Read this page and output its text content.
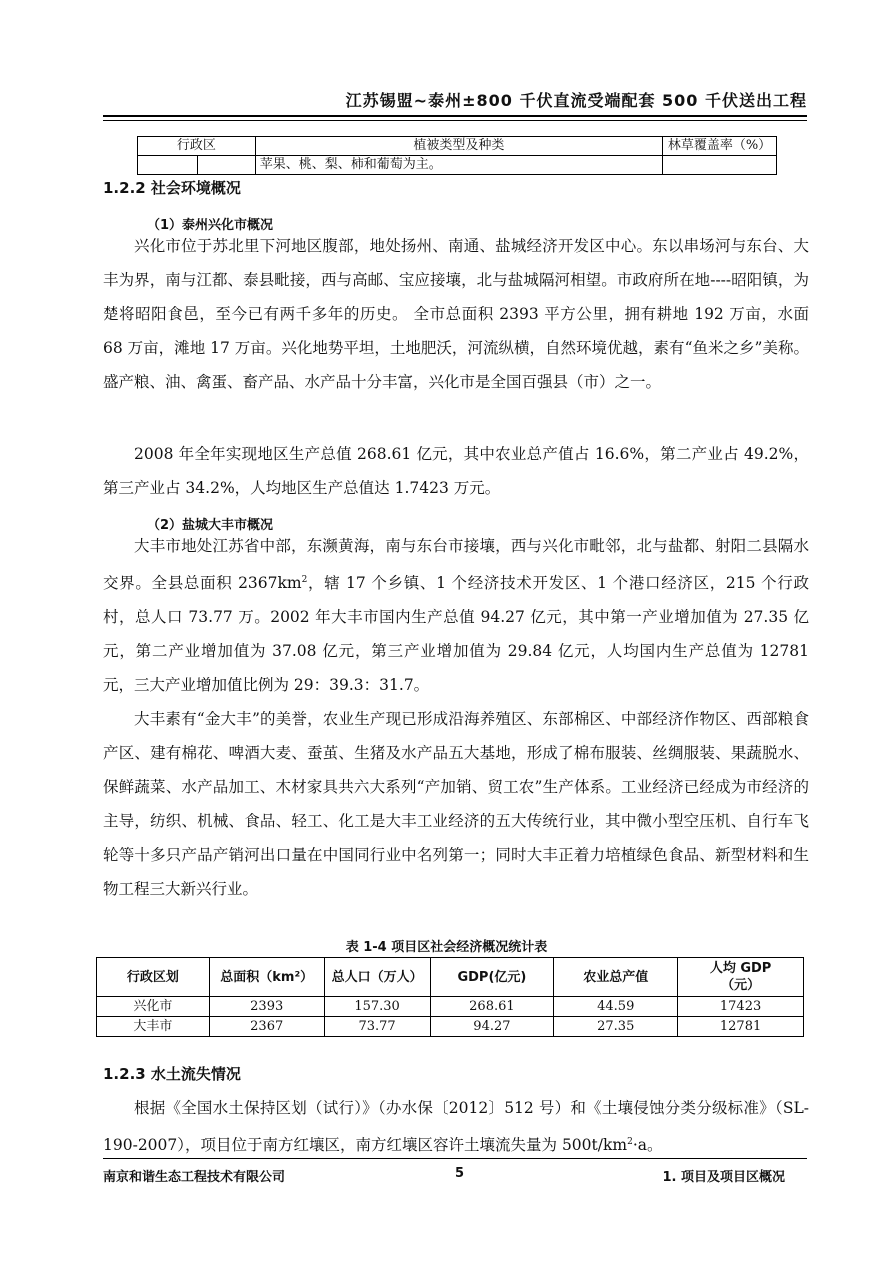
江苏锡盟~泰州±800 千伏直流受端配套 500 千伏送出工程
行政区		植被类型及种类	林草覆盖率（%）
		苹果、桃、梨、柿和葡萄为主。	
1.2.2 社会环境概况
（1）泰州兴化市概况

兴化市位于苏北里下河地区腹部，地处扬州、南通、盐城经济开发区中心。东以串场河与东台、大丰为界，南与江都、泰县毗接，西与高邮、宝应接壤，北与盐城隔河相望。市政府所在地----昭阳镇，为楚将昭阳食邑，至今已有两千多年的历史。 全市总面积 2393 平方公里，拥有耕地 192 万亩，水面 68 万亩，滩地 17 万亩。兴化地势平坦，土地肥沃，河流纵横，自然环境优越，素有“鱼米之乡”美称。盛产粮、油、禽蛋、畜产品、水产品十分丰富，兴化市是全国百强县（市）之一。

2008 年全年实现地区生产总值 268.61 亿元，其中农业总产值占 16.6%，第二产业占 49.2%，第三产业占 34.2%，人均地区生产总值达 1.7423 万元。

（2）盐城大丰市概况

大丰市地处江苏省中部，东濒黄海，南与东台市接壤，西与兴化市毗邻，北与盐都、射阳二县隔水交界。全县总面积 $2367km^2$，辖 17 个乡镇、1 个经济技术开发区、1 个港口经济区，215 个行政村，总人口 73.77 万。2002 年大丰市国内生产总值 94.27 亿元，其中第一产业增加值为 27.35 亿元，第二产业增加值为 37.08 亿元，第三产业增加值为 29.84 亿元，人均国内生产总值为 12781 元，三大产业增加值比例为 29：39.3：31.7。

大丰素有“金大丰”的美誉，农业生产现已形成沿海养殖区、东部棉区、中部经济作物区、西部粮食产区、建有棉花、啤酒大麦、蚕茧、生猪及水产品五大基地，形成了棉布服装、丝绸服装、果蔬脱水、保鲜蔬菜、水产品加工、木材家具共六大系列“产加销、贸工农”生产体系。工业经济已经成为市经济的主导，纺织、机械、食品、轻工、化工是大丰工业经济的五大传统行业，其中微小型空压机、自行车飞轮等十多只产品产销河出口量在中国同行业中名列第一；同时大丰正着力培植绿色食品、新型材料和生物工程三大新兴行业。

表 1-4 项目区社会经济概况统计表
行政区划	总面积（km²）	总人口（万人）	GDP(亿元)	农业总产值	人均 GDP
（元）
兴化市	2393	157.30	268.61	44.59	17423
大丰市	2367	73.77	94.27	27.35	12781
1.2.3 水土流失情况

根据《全国水土保持区划（试行）》（办水保〔2012〕512 号）和《土壤侵蚀分类分级标准》（SL-190-2007），项目位于南方红壤区，南方红壤区容许土壤流失量为 $500t/km^2\cdot a$。

南京和谐生态工程技术有限公司	5	1. 项目及项目区概况
